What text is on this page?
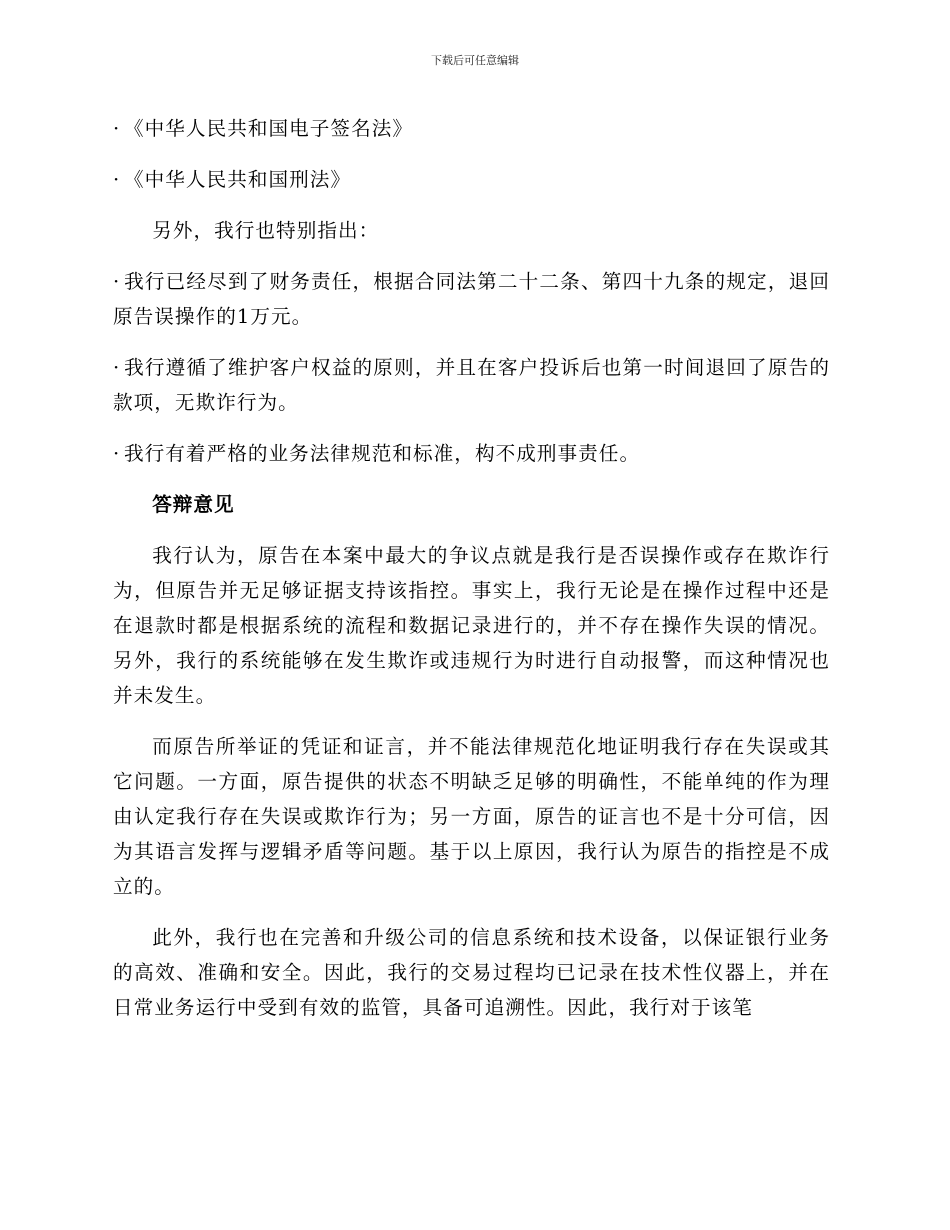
下载后可任意编辑

· 《中华人民共和国电子签名法》

· 《中华人民共和国刑法》

另外，我行也特别指出：

· 我行已经尽到了财务责任，根据合同法第二十二条、第四十九条的规定，退回原告误操作的1万元。

· 我行遵循了维护客户权益的原则，并且在客户投诉后也第一时间退回了原告的款项，无欺诈行为。

· 我行有着严格的业务法律规范和标准，构不成刑事责任。

答辩意见

我行认为，原告在本案中最大的争议点就是我行是否误操作或存在欺诈行为，但原告并无足够证据支持该指控。事实上，我行无论是在操作过程中还是在退款时都是根据系统的流程和数据记录进行的，并不存在操作失误的情况。另外，我行的系统能够在发生欺诈或违规行为时进行自动报警，而这种情况也并未发生。

而原告所举证的凭证和证言，并不能法律规范化地证明我行存在失误或其它问题。一方面，原告提供的状态不明缺乏足够的明确性，不能单纯的作为理由认定我行存在失误或欺诈行为；另一方面，原告的证言也不是十分可信，因为其语言发挥与逻辑矛盾等问题。基于以上原因，我行认为原告的指控是不成立的。

此外，我行也在完善和升级公司的信息系统和技术设备，以保证银行业务的高效、准确和安全。因此，我行的交易过程均已记录在技术性仪器上，并在日常业务运行中受到有效的监管，具备可追溯性。因此，我行对于该笔
